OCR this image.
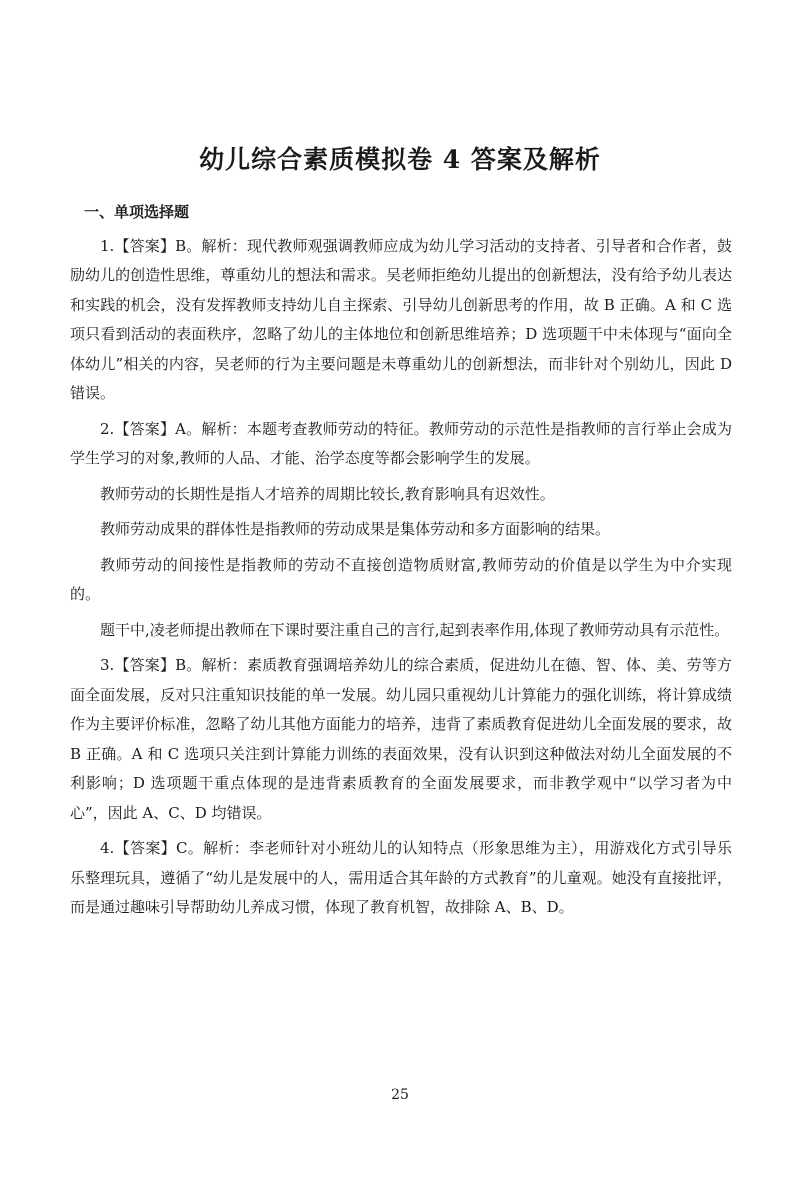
幼儿综合素质模拟卷 4 答案及解析
一、单项选择题

1.【答案】B。解析：现代教师观强调教师应成为幼儿学习活动的支持者、引导者和合作者，鼓励幼儿的创造性思维，尊重幼儿的想法和需求。吴老师拒绝幼儿提出的创新想法，没有给予幼儿表达和实践的机会，没有发挥教师支持幼儿自主探索、引导幼儿创新思考的作用，故 B 正确。A 和 C 选项只看到活动的表面秩序，忽略了幼儿的主体地位和创新思维培养；D 选项题干中未体现与“面向全体幼儿”相关的内容，吴老师的行为主要问题是未尊重幼儿的创新想法，而非针对个别幼儿，因此 D 错误。

2.【答案】A。解析：本题考查教师劳动的特征。教师劳动的示范性是指教师的言行举止会成为学生学习的对象,教师的人品、才能、治学态度等都会影响学生的发展。

教师劳动的长期性是指人才培养的周期比较长,教育影响具有迟效性。

教师劳动成果的群体性是指教师的劳动成果是集体劳动和多方面影响的结果。

教师劳动的间接性是指教师的劳动不直接创造物质财富,教师劳动的价值是以学生为中介实现的。

题干中,凌老师提出教师在下课时要注重自己的言行,起到表率作用,体现了教师劳动具有示范性。

3.【答案】B。解析：素质教育强调培养幼儿的综合素质，促进幼儿在德、智、体、美、劳等方面全面发展，反对只注重知识技能的单一发展。幼儿园只重视幼儿计算能力的强化训练，将计算成绩作为主要评价标准，忽略了幼儿其他方面能力的培养，违背了素质教育促进幼儿全面发展的要求，故 B 正确。A 和 C 选项只关注到计算能力训练的表面效果，没有认识到这种做法对幼儿全面发展的不利影响；D 选项题干重点体现的是违背素质教育的全面发展要求，而非教学观中“以学习者为中心”，因此 A、C、D 均错误。

4.【答案】C。解析：李老师针对小班幼儿的认知特点（形象思维为主），用游戏化方式引导乐乐整理玩具，遵循了“幼儿是发展中的人，需用适合其年龄的方式教育”的儿童观。她没有直接批评，而是通过趣味引导帮助幼儿养成习惯，体现了教育机智，故排除 A、B、D。

25
